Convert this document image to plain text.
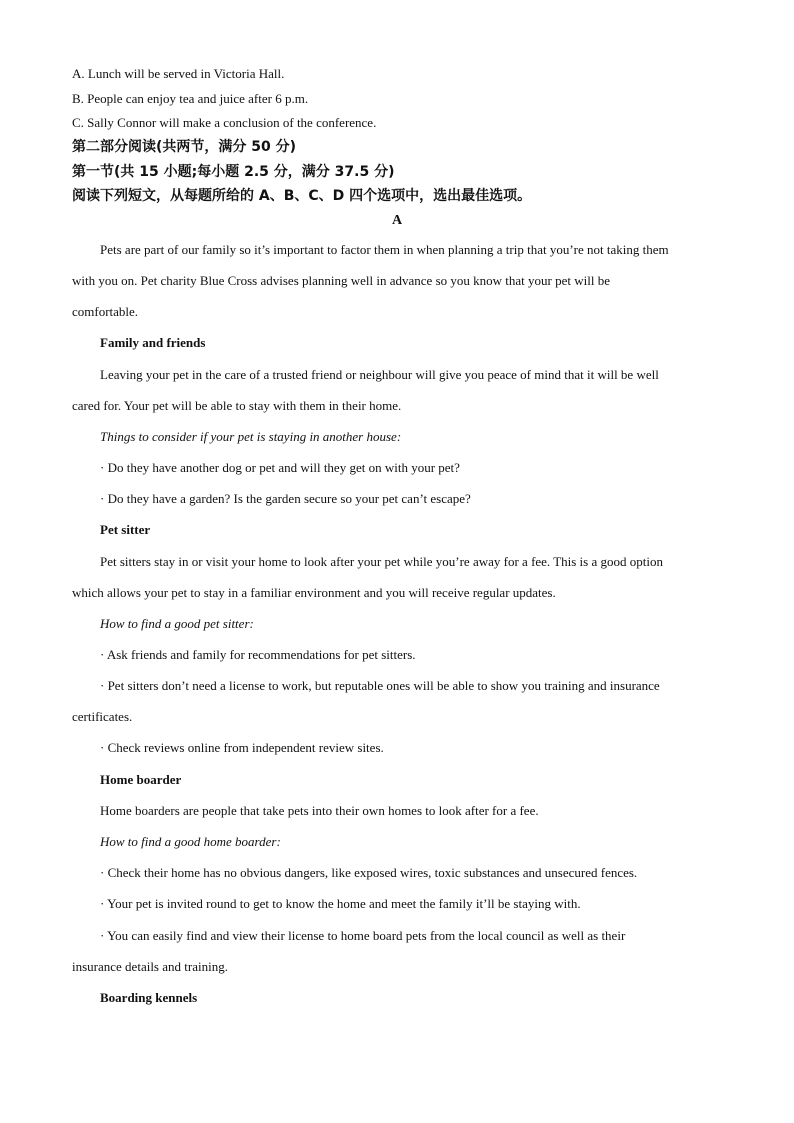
A. Lunch will be served in Victoria Hall.
B. People can enjoy tea and juice after 6 p.m.
C. Sally Connor will make a conclusion of the conference.
第二部分阅读(共两节，满分 50 分)
第一节(共 15 小题;每小题 2.5 分，满分 37.5 分)
阅读下列短文，从每题所给的 A、B、C、D 四个选项中，选出最佳选项。
A
Pets are part of our family so it’s important to factor them in when planning a trip that you’re not taking them
with you on. Pet charity Blue Cross advises planning well in advance so you know that your pet will be
comfortable.
Family and friends
Leaving your pet in the care of a trusted friend or neighbour will give you peace of mind that it will be well
cared for. Your pet will be able to stay with them in their home.
Things to consider if your pet is staying in another house:
· Do they have another dog or pet and will they get on with your pet?
· Do they have a garden? Is the garden secure so your pet can’t escape?
Pet sitter
Pet sitters stay in or visit your home to look after your pet while you’re away for a fee. This is a good option
which allows your pet to stay in a familiar environment and you will receive regular updates.
How to find a good pet sitter:
· Ask friends and family for recommendations for pet sitters.
· Pet sitters don’t need a license to work, but reputable ones will be able to show you training and insurance
certificates.
· Check reviews online from independent review sites.
Home boarder
Home boarders are people that take pets into their own homes to look after for a fee.
How to find a good home boarder:
· Check their home has no obvious dangers, like exposed wires, toxic substances and unsecured fences.
· Your pet is invited round to get to know the home and meet the family it’ll be staying with.
· You can easily find and view their license to home board pets from the local council as well as their
insurance details and training.
Boarding kennels
